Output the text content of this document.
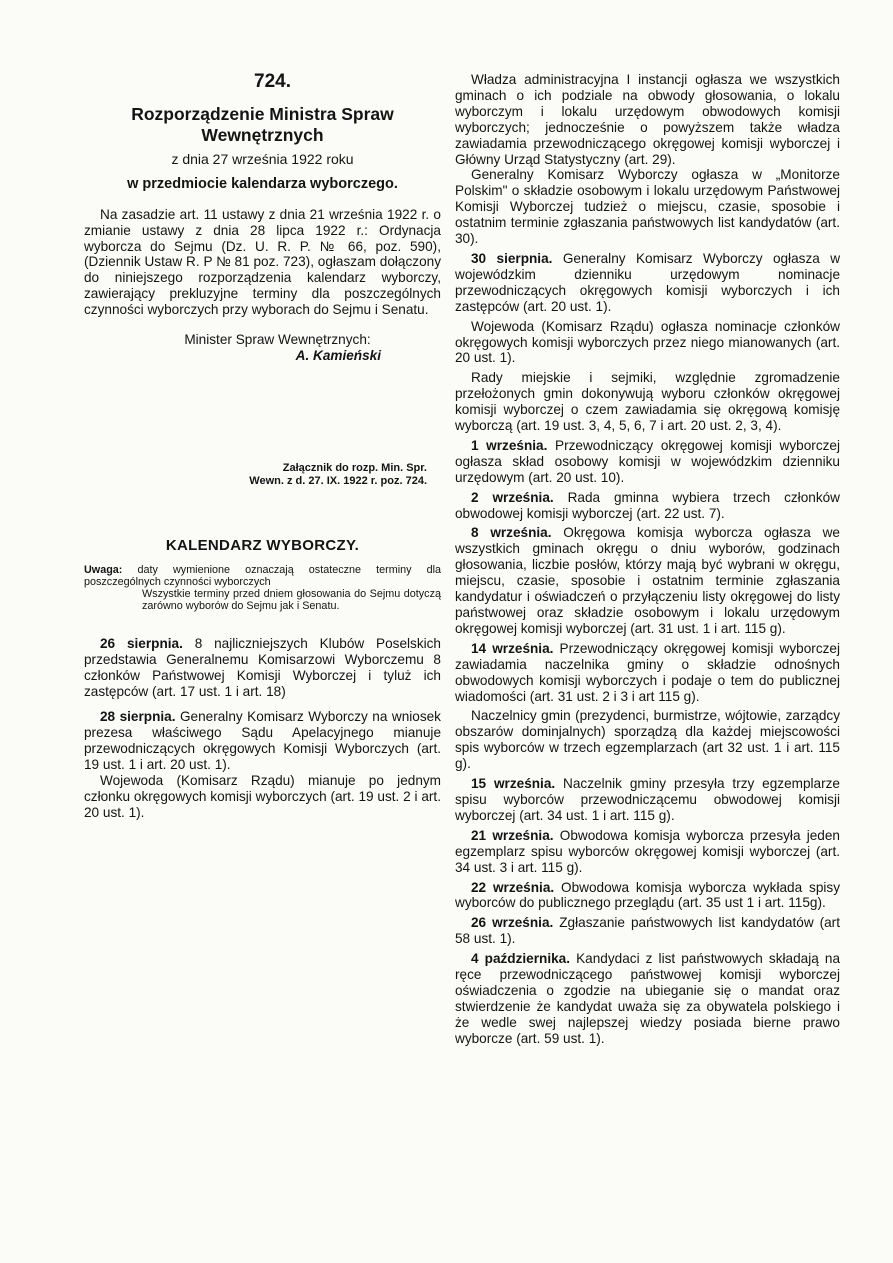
724.
Rozporządzenie Ministra Spraw
Wewnętrznych
z dnia 27 września 1922 roku
w przedmiocie kalendarza wyborczego.

Na zasadzie art. 11 ustawy z dnia 21 września 1922 r. o zmianie ustawy z dnia 28 lipca 1922 r.: Ordynacja wyborcza do Sejmu (Dz. U. R. P. № 66, poz. 590), (Dziennik Ustaw R. P № 81 poz. 723), ogłaszam dołączony do niniejszego rozporządzenia kalendarz wyborczy, zawierający prekluzyjne terminy dla poszczególnych czynności wyborczych przy wyborach do Sejmu i Senatu.

Minister Spraw Wewnętrznych:
A. Kamieński
Załącznik do rozp. Min. Spr.
Wewn. z d. 27. IX. 1922 r. poz. 724.
KALENDARZ WYBORCZY.
Uwaga: daty wymienione oznaczają ostateczne terminy dla poszczególnych czynności wyborczych
Wszystkie terminy przed dniem głosowania do Sejmu dotyczą zarówno wyborów do Sejmu jak i Senatu.
26 sierpnia. 8 najliczniejszych Klubów Poselskich przedstawia Generalnemu Komisarzowi Wyborczemu 8 członków Państwowej Komisji Wyborczej i tyluż ich zastępców (art. 17 ust. 1 i art. 18)
28 sierpnia. Generalny Komisarz Wyborczy na wniosek prezesa właściwego Sądu Apelacyjnego mianuje przewodniczących okręgowych Komisji Wyborczych (art. 19 ust. 1 i art. 20 ust. 1).

Wojewoda (Komisarz Rządu) mianuje po jednym członku okręgowych komisji wyborczych (art. 19 ust. 2 i art. 20 ust. 1).

Władza administracyjna I instancji ogłasza we wszystkich gminach o ich podziale na obwody głosowania, o lokalu wyborczym i lokalu urzędowym obwodowych komisji wyborczych; jednocześnie o powyższem także władza zawiadamia przewodniczącego okręgowej komisji wyborczej i Główny Urząd Statystyczny (art. 29).

Generalny Komisarz Wyborczy ogłasza w „Monitorze Polskim" o składzie osobowym i lokalu urzędowym Państwowej Komisji Wyborczej tudzież o miejscu, czasie, sposobie i ostatnim terminie zgłaszania państwowych list kandydatów (art. 30).

30 sierpnia. Generalny Komisarz Wyborczy ogłasza w wojewódzkim dzienniku urzędowym nominacje przewodniczących okręgowych komisji wyborczych i ich zastępców (art. 20 ust. 1).
Wojewoda (Komisarz Rządu) ogłasza nominacje członków okręgowych komisji wyborczych przez niego mianowanych (art. 20 ust. 1).
Rady miejskie i sejmiki, względnie zgromadzenie przełożonych gmin dokonywują wyboru członków okręgowej komisji wyborczej o czem zawiadamia się okręgową komisję wyborczą (art. 19 ust. 3, 4, 5, 6, 7 i art. 20 ust. 2, 3, 4).
1 września. Przewodniczący okręgowej komisji wyborczej ogłasza skład osobowy komisji w wojewódzkim dzienniku urzędowym (art. 20 ust. 10).
2 września. Rada gminna wybiera trzech członków obwodowej komisji wyborczej (art. 22 ust. 7).
8 września. Okręgowa komisja wyborcza ogłasza we wszystkich gminach okręgu o dniu wyborów, godzinach głosowania, liczbie posłów, którzy mają być wybrani w okręgu, miejscu, czasie, sposobie i ostatnim terminie zgłaszania kandydatur i oświadczeń o przyłączeniu listy okręgowej do listy państwowej oraz składzie osobowym i lokalu urzędowym okręgowej komisji wyborczej (art. 31 ust. 1 i art. 115 g).
14 września. Przewodniczący okręgowej komisji wyborczej zawiadamia naczelnika gminy o składzie odnośnych obwodowych komisji wyborczych i podaje o tem do publicznej wiadomości (art. 31 ust. 2 i 3 i art 115 g).
Naczelnicy gmin (prezydenci, burmistrze, wójtowie, zarządcy obszarów dominjalnych) sporządzą dla każdej miejscowości spis wyborców w trzech egzemplarzach (art 32 ust. 1 i art. 115 g).
15 września. Naczelnik gminy przesyła trzy egzemplarze spisu wyborców przewodniczącemu obwodowej komisji wyborczej (art. 34 ust. 1 i art. 115 g).
21 września. Obwodowa komisja wyborcza przesyła jeden egzemplarz spisu wyborców okręgowej komisji wyborczej (art. 34 ust. 3 i art. 115 g).
22 września. Obwodowa komisja wyborcza wykłada spisy wyborców do publicznego przeglądu (art. 35 ust 1 i art. 115g).
26 września. Zgłaszanie państwowych list kandydatów (art 58 ust. 1).
4 października. Kandydaci z list państwowych składają na ręce przewodniczącego państwowej komisji wyborczej oświadczenia o zgodzie na ubieganie się o mandat oraz stwierdzenie że kandydat uważa się za obywatela polskiego i że wedle swej najlepszej wiedzy posiada bierne prawo wyborcze (art. 59 ust. 1).
